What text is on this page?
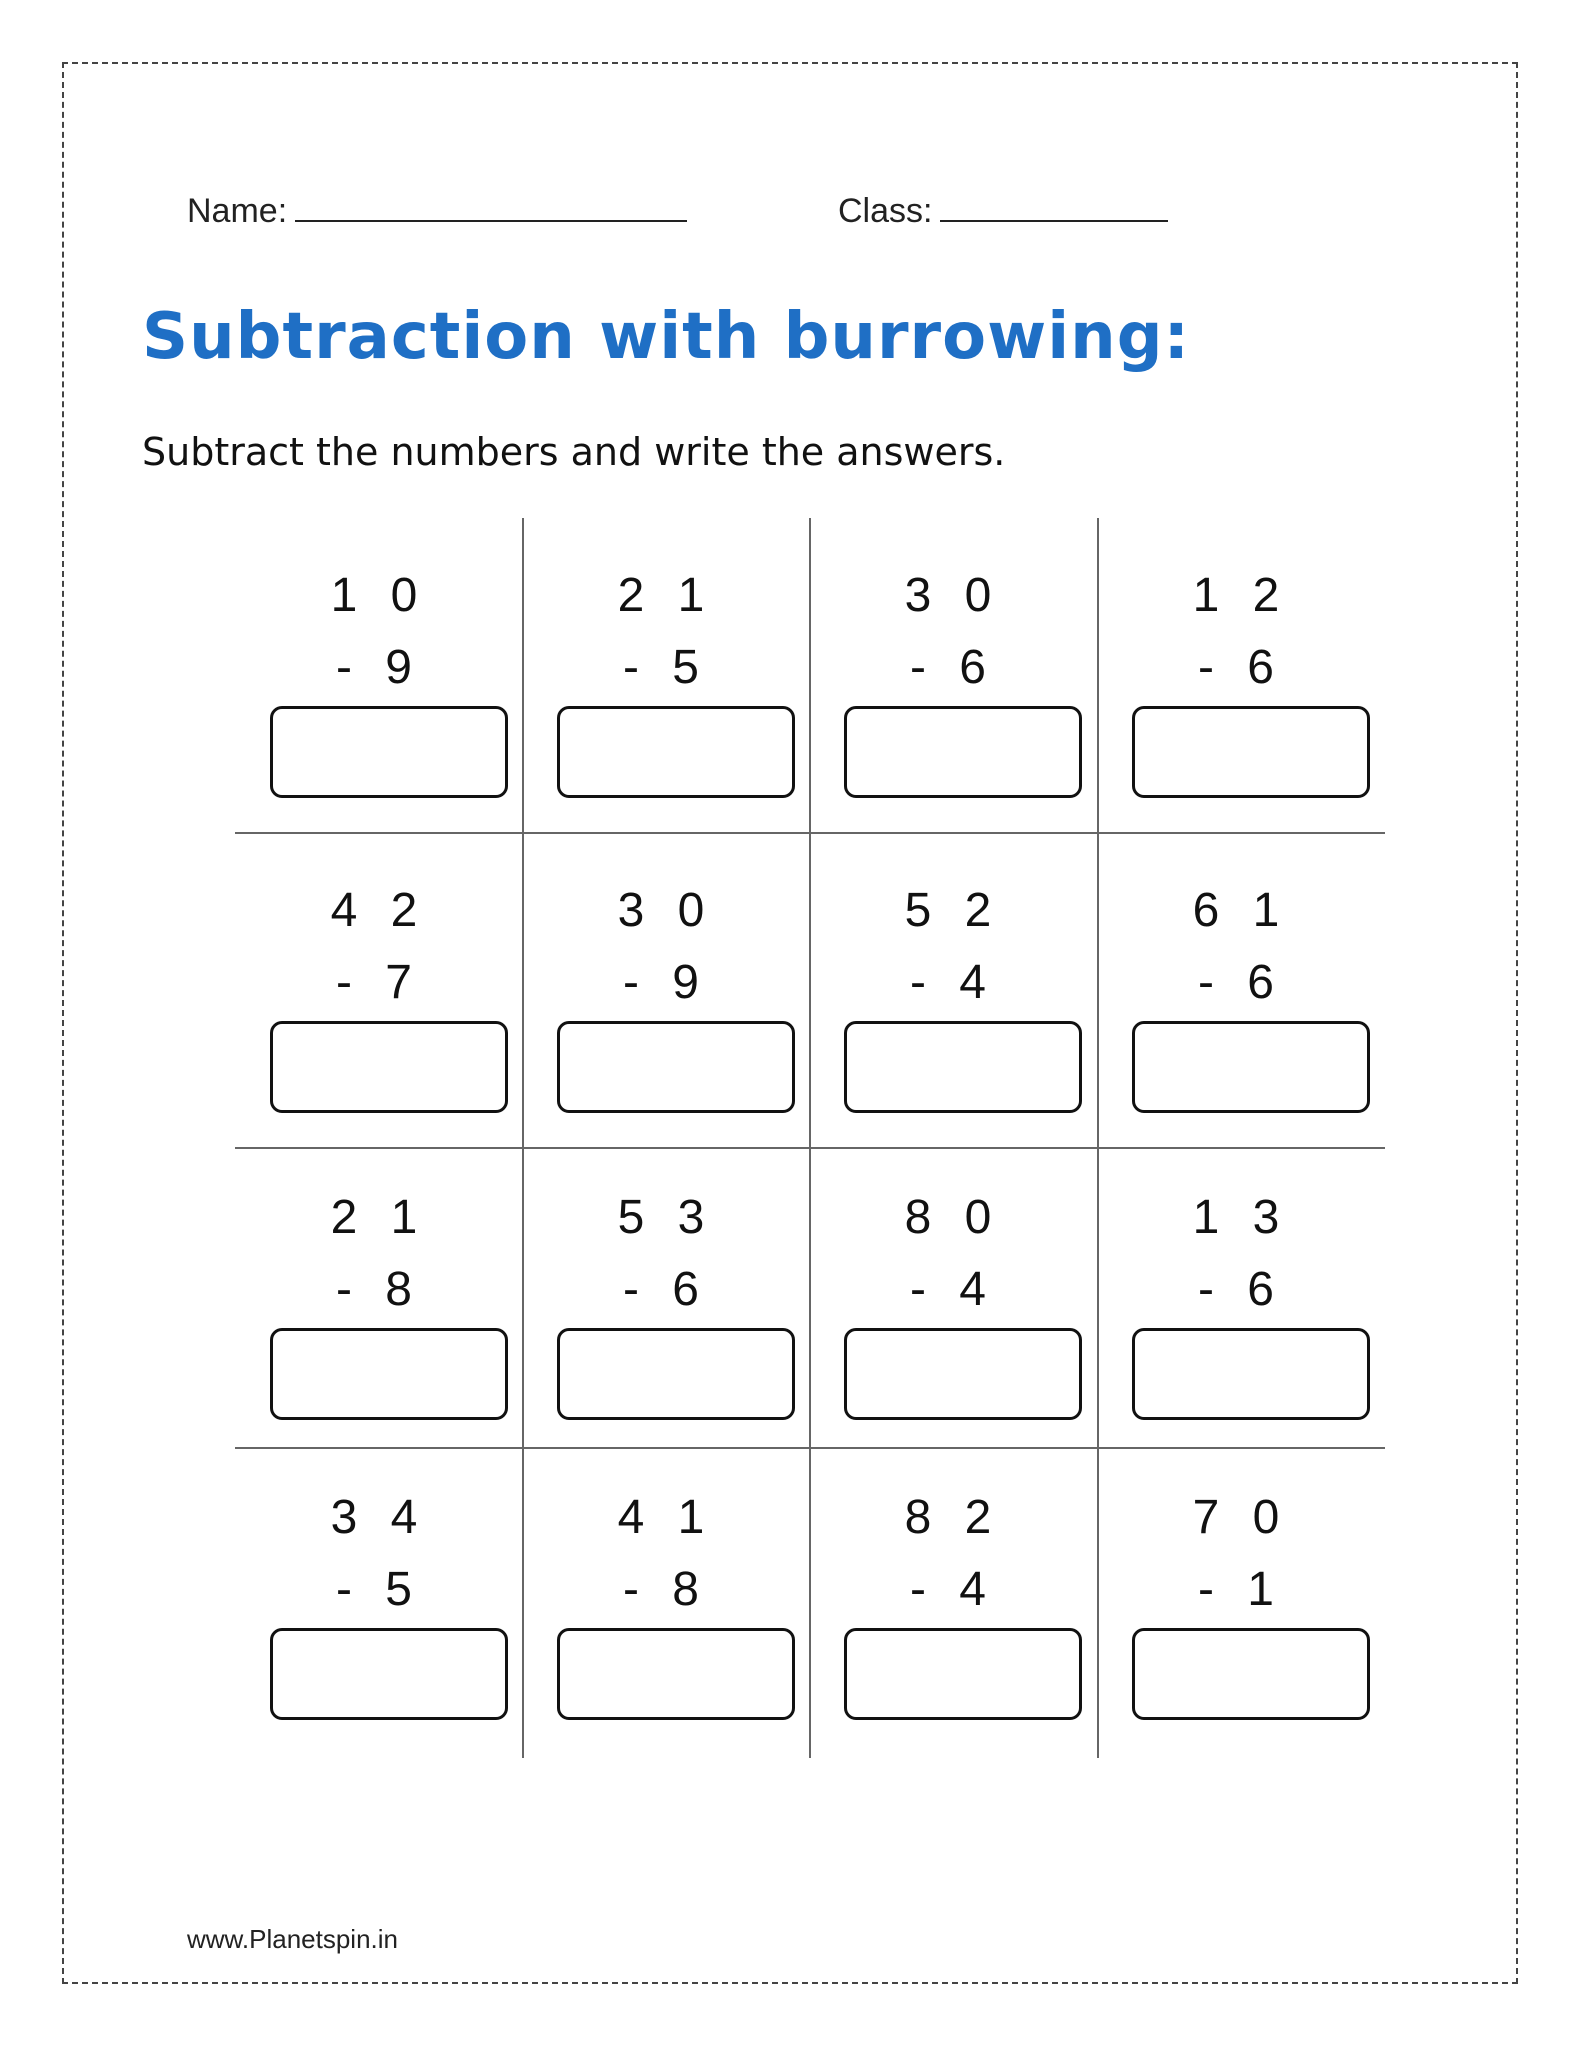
Name:	Class:
Subtraction with burrowing:
Subtract the numbers and write the answers.
1 0
- 9
2 1
- 5
3 0
- 6
1 2
- 6
4 2
- 7
3 0
- 9
5 2
- 4
6 1
- 6
2 1
- 8
5 3
- 6
8 0
- 4
1 3
- 6
3 4
- 5
4 1
- 8
8 2
- 4
7 0
- 1
www.Planetspin.in
